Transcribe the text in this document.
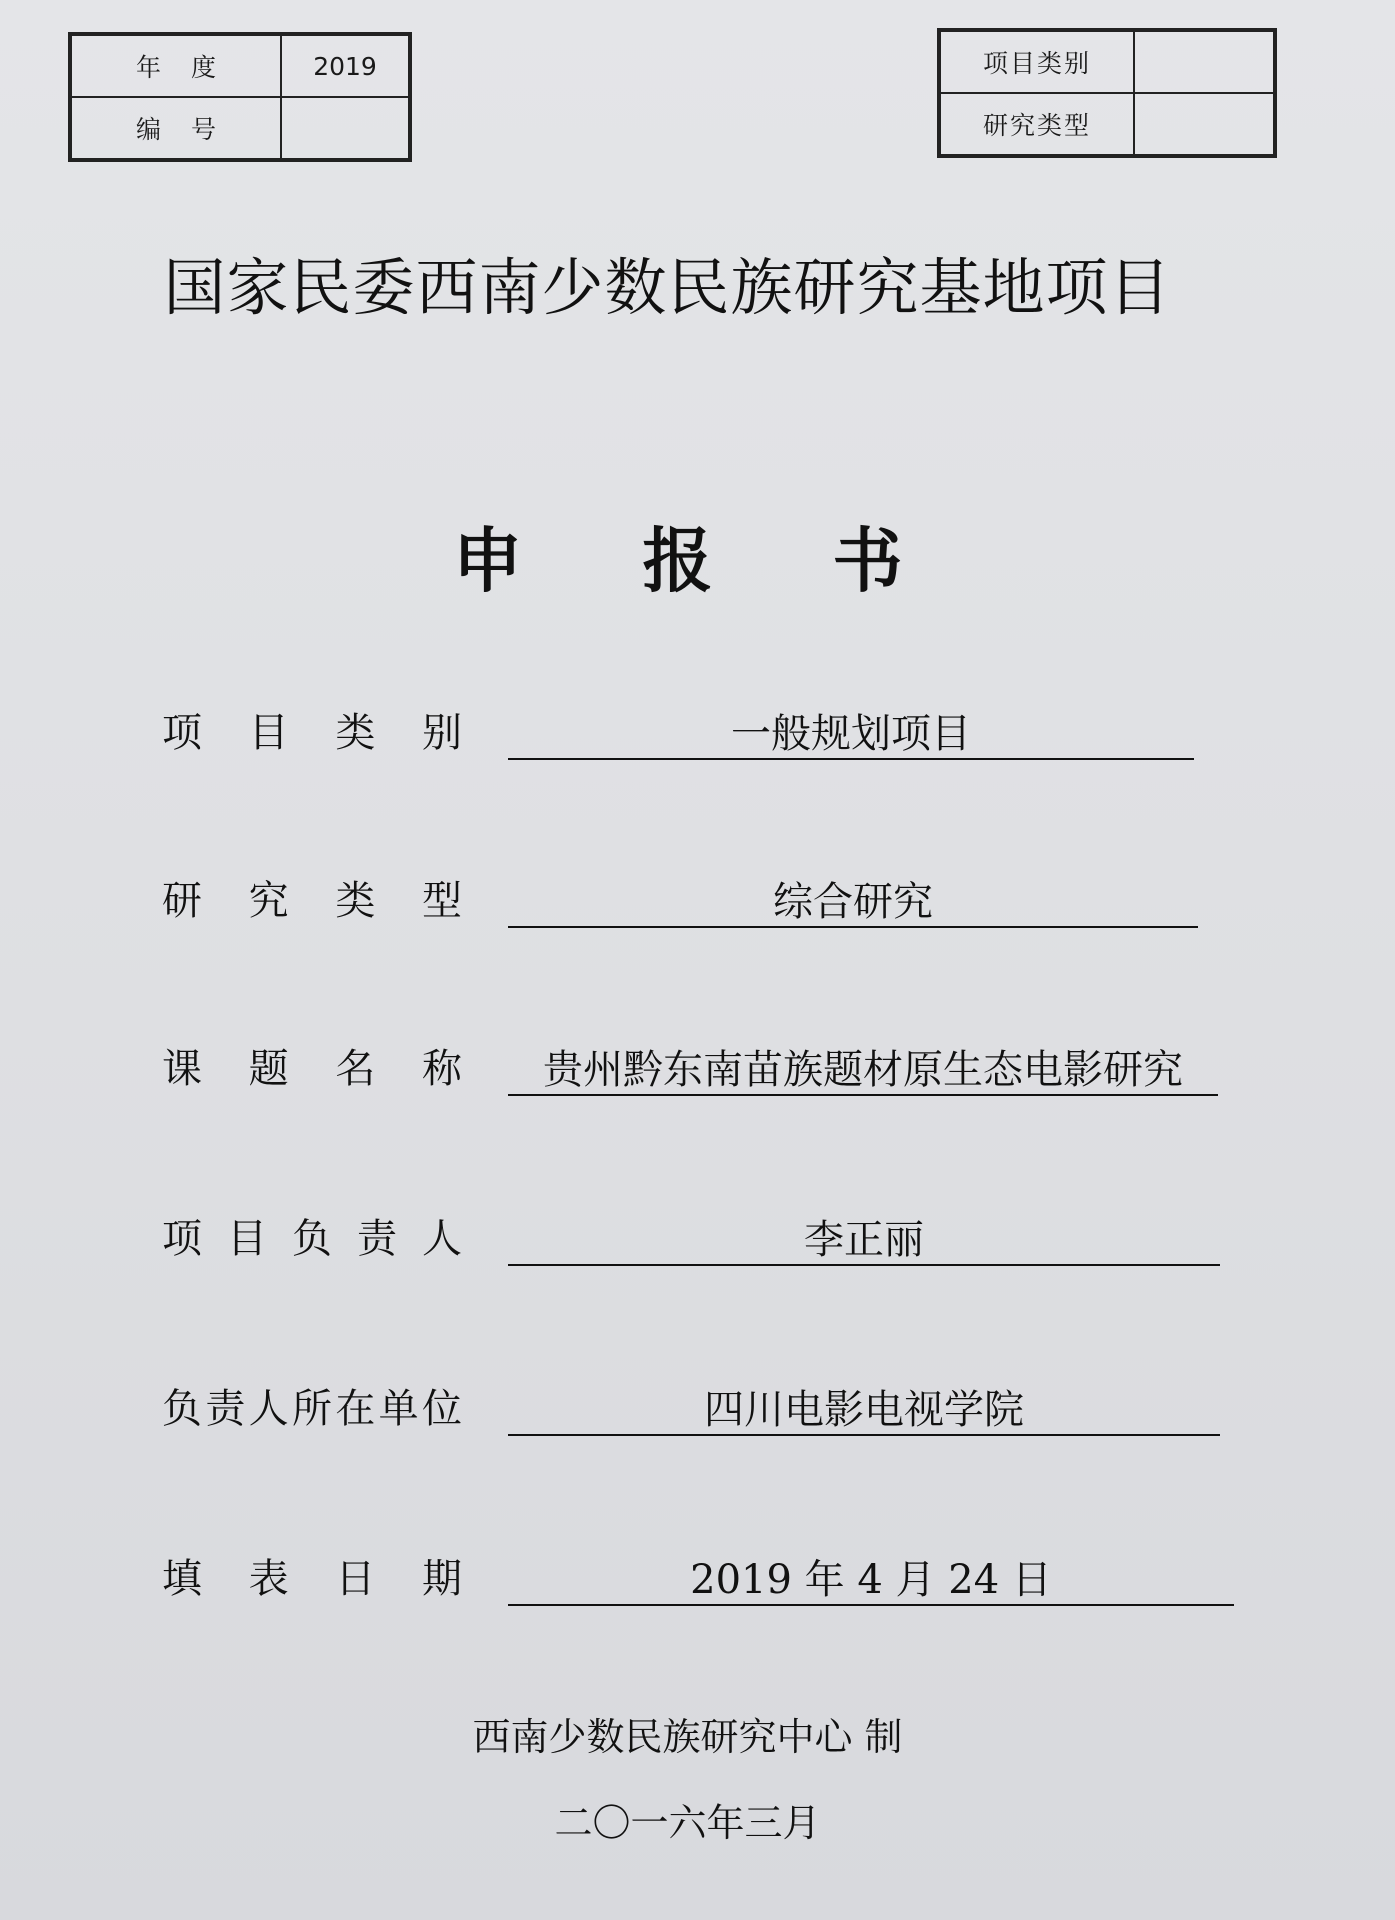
年度	2019
编号	
项目类别	
研究类型	
国家民委西南少数民族研究基地项目
申报书
项目类别	一般规划项目
研究类型	综合研究
课题名称	贵州黔东南苗族题材原生态电影研究
项目负责人	李正丽
负责人所在单位	四川电影电视学院
填表日期	2019 年 4 月 24 日
西南少数民族研究中心 制
二〇一六年三月
